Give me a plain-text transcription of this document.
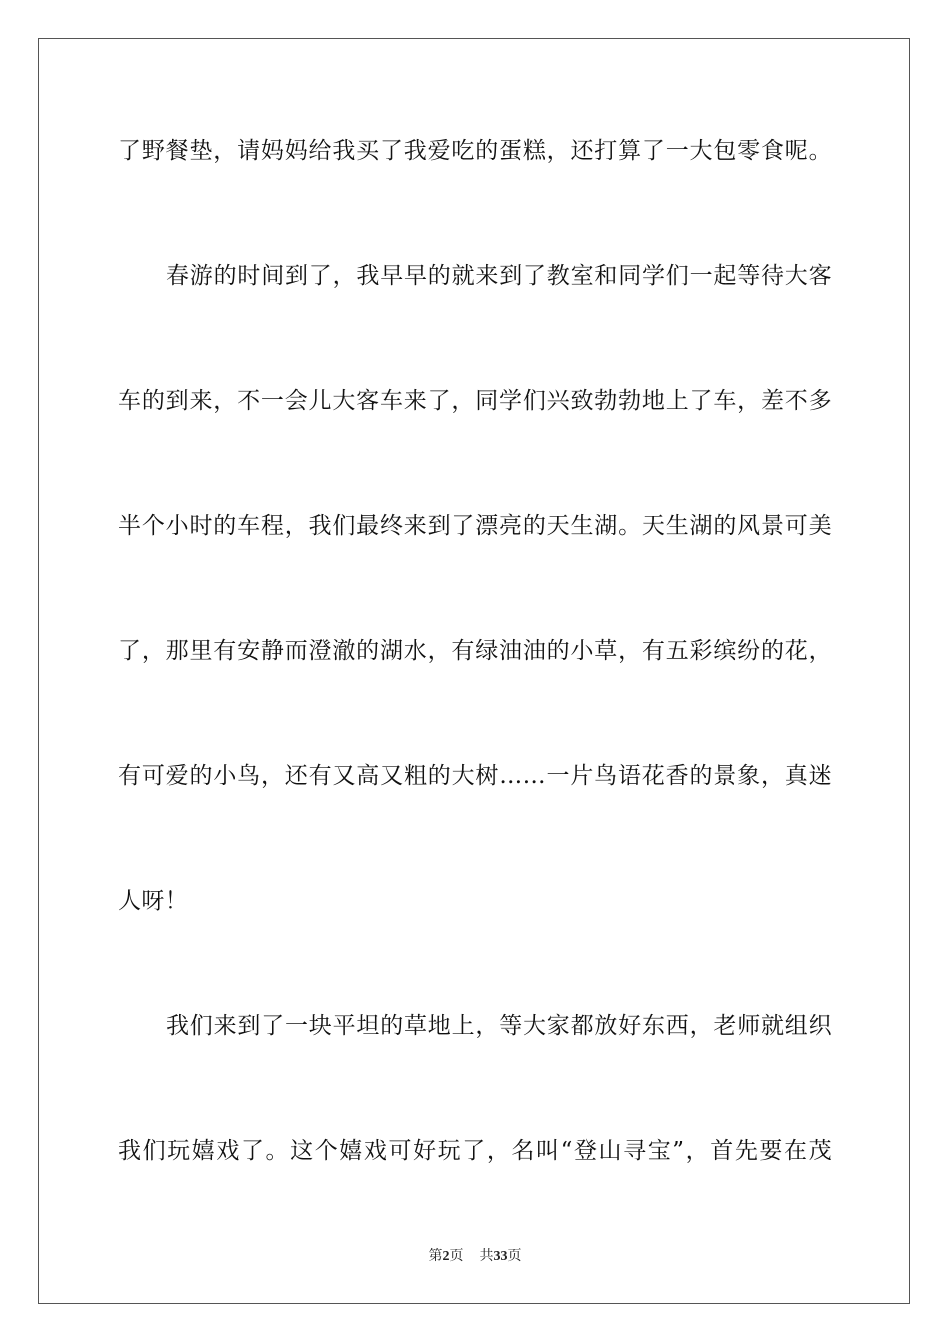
了野餐垫，请妈妈给我买了我爱吃的蛋糕，还打算了一大包零食呢。
春游的时间到了，我早早的就来到了教室和同学们一起等待大客
车的到来，不一会儿大客车来了，同学们兴致勃勃地上了车，差不多
半个小时的车程，我们最终来到了漂亮的天生湖。天生湖的风景可美
了，那里有安静而澄澈的湖水，有绿油油的小草，有五彩缤纷的花，
有可爱的小鸟，还有又高又粗的大树……一片鸟语花香的景象，真迷
人呀！
我们来到了一块平坦的草地上，等大家都放好东西，老师就组织
我们玩嬉戏了。这个嬉戏可好玩了，名叫“登山寻宝”，首先要在茂
第2页 共33页
